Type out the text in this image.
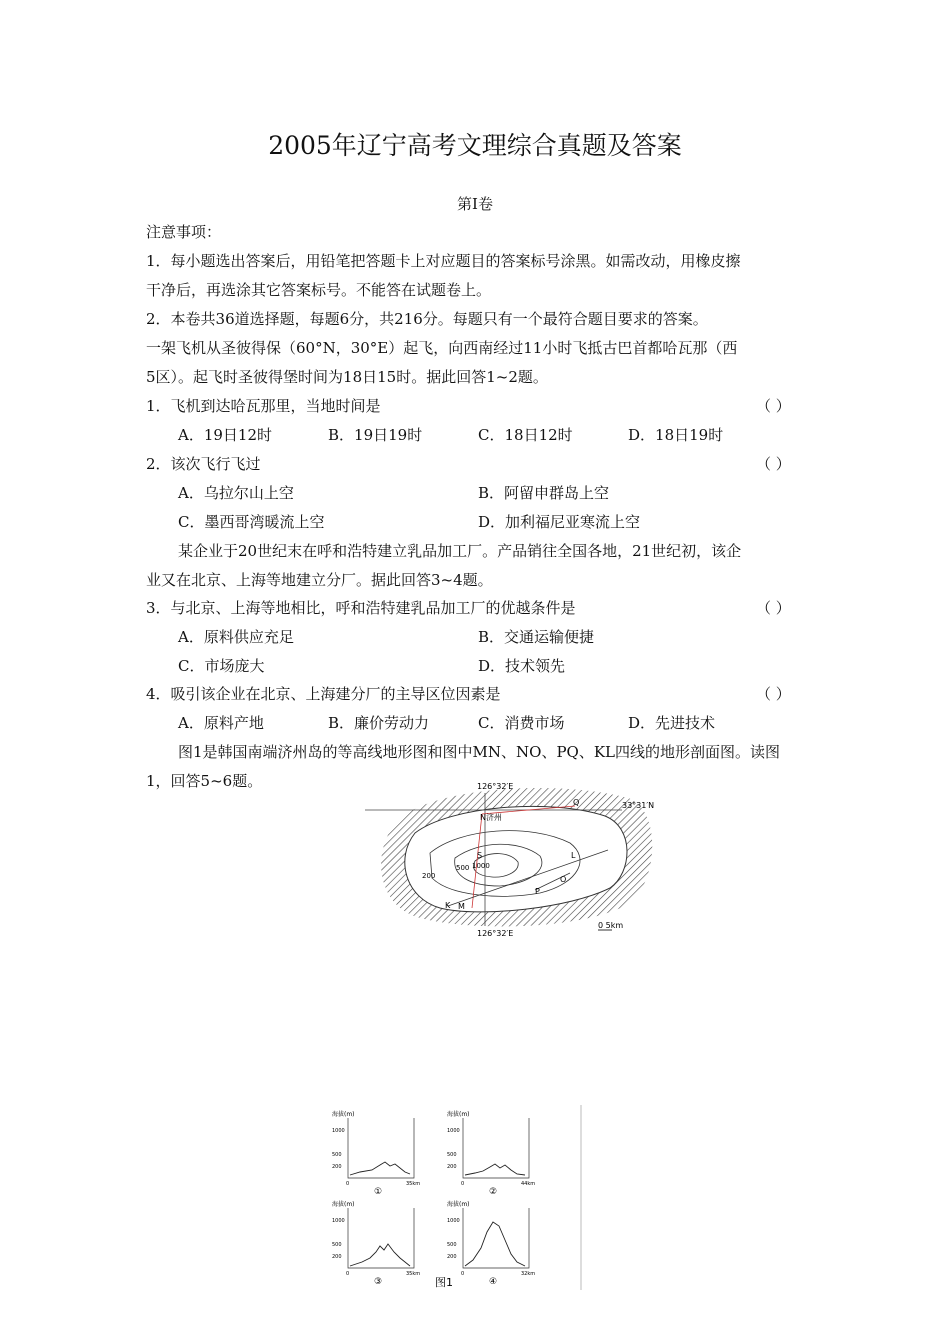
2005年辽宁高考文理综合真题及答案
第Ⅰ卷
注意事项：
1．每小题选出答案后，用铅笔把答题卡上对应题目的答案标号涂黑。如需改动，用橡皮擦
干净后，再选涂其它答案标号。不能答在试题卷上。
2．本卷共36道选择题，每题6分，共216分。每题只有一个最符合题目要求的答案。
一架飞机从圣彼得保（60°N，30°E）起飞，向西南经过11小时飞抵古巴首都哈瓦那（西
5区）。起飞时圣彼得堡时间为18日15时。据此回答1~2题。
1．飞机到达哈瓦那里，当地时间是	（ ）
A．19日12时	B．19日19时	C．18日12时	D．18日19时
2．该次飞行飞过	（ ）
A．乌拉尔山上空	B．阿留申群岛上空
C．墨西哥湾暖流上空	D．加利福尼亚寒流上空
某企业于20世纪末在呼和浩特建立乳品加工厂。产品销往全国各地，21世纪初，该企
业又在北京、上海等地建立分厂。据此回答3~4题。
3．与北京、上海等地相比，呼和浩特建乳品加工厂的优越条件是	（ ）
A．原料供应充足	B．交通运输便捷
C．市场庞大	D．技术领先
4．吸引该企业在北京、上海建分厂的主导区位因素是	（ ）
A．原料产地	B．廉价劳动力	C．消费市场	D．先进技术
图1是韩国南端济州岛的等高线地形图和图中MN、NO、PQ、KL四线的地形剖面图。读图
1，回答5~6题。	126°32′E
126°32′E
33°31′N
N济州
200
500 1000
Q
O
P
L
K M
S
0 5km
海拔(m)
1000
500
200
0	35km
①
海拔(m)
1000
500
200
0	44km
②
海拔(m)
1000
500
200
0	35km
③
海拔(m)
1000
500
200
0	32km
④
图1
